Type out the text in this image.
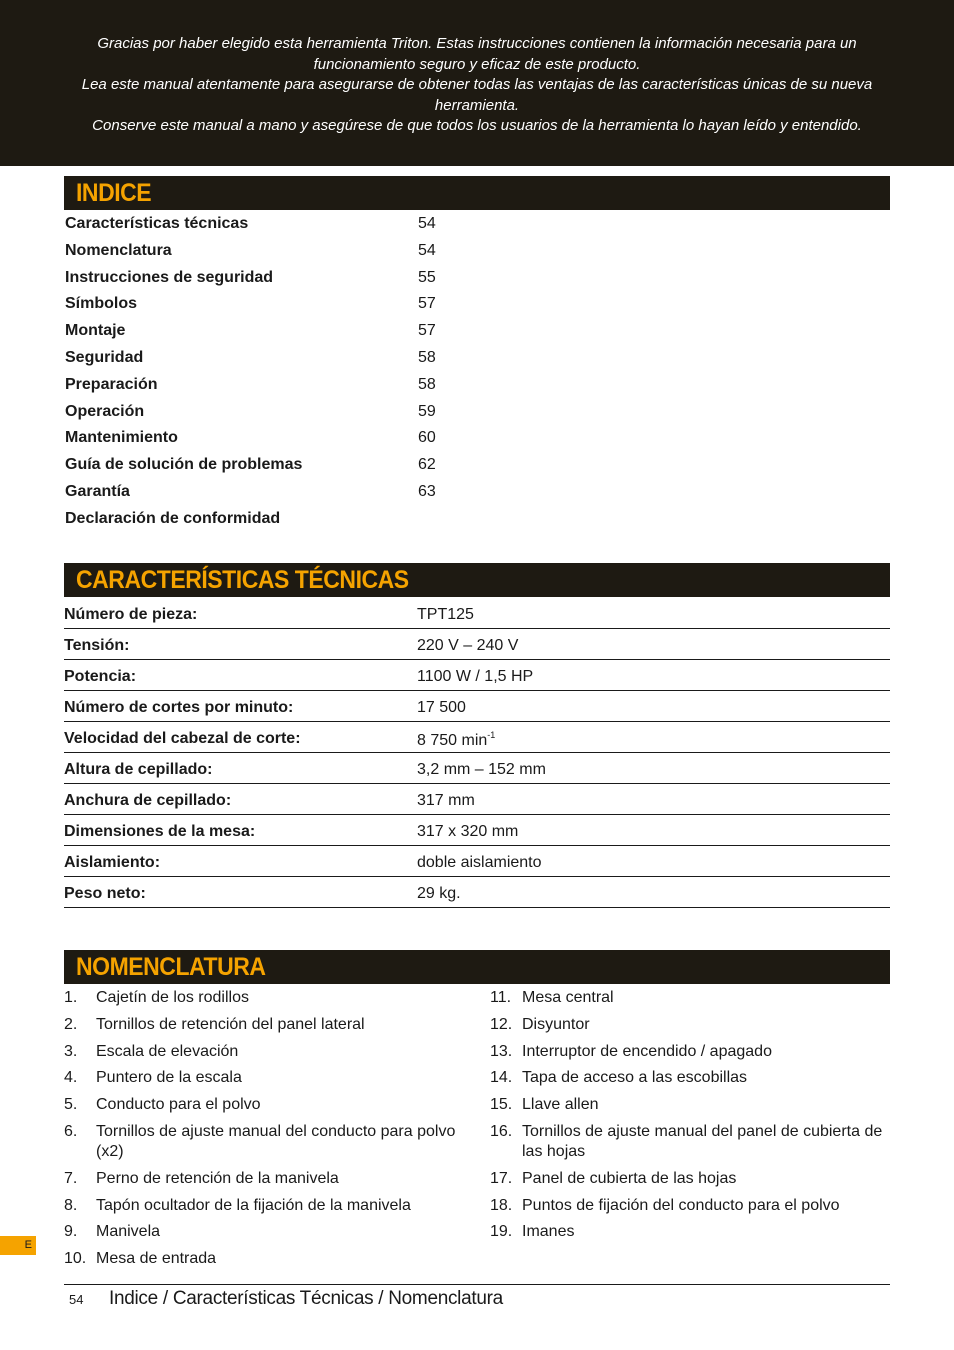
Gracias por haber elegido esta herramienta Triton. Estas instrucciones contienen la información necesaria para un funcionamiento seguro y eficaz de este producto.

Lea este manual atentamente para asegurarse de obtener todas las ventajas de las características únicas de su nueva herramienta.

Conserve este manual a mano y asegúrese de que todos los usuarios de la herramienta lo hayan leído y entendido.

INDICE
Características técnicas	54
Nomenclatura	54
Instrucciones de seguridad	55
Símbolos	57
Montaje	57
Seguridad	58
Preparación	58
Operación	59
Mantenimiento	60
Guía de solución de problemas	62
Garantía	63
Declaración de conformidad
CARACTERÍSTICAS TÉCNICAS
Número de pieza:	TPT125
Tensión:	220 V – 240 V
Potencia:	1100 W / 1,5 HP
Número de cortes por minuto:	17 500
Velocidad del cabezal de corte:	8 750 $\min^{-1}$
Altura de cepillado:	3,2 mm – 152 mm
Anchura de cepillado:	317 mm
Dimensiones de la mesa:	317 x 320 mm
Aislamiento:	doble aislamiento
Peso neto:	29 kg.
NOMENCLATURA
1.	Cajetín de los rodillos
2.	Tornillos de retención del panel lateral
3.	Escala de elevación
4.	Puntero de la escala
5.	Conducto para el polvo
6.	Tornillos de ajuste manual del conducto para polvo (x2)
7.	Perno de retención de la manivela
8.	Tapón ocultador de la fijación de la manivela
9.	Manivela
10. Mesa de entrada
11. Mesa central
12. Disyuntor
13. Interruptor de encendido / apagado
14. Tapa de acceso a las escobillas
15. Llave allen
16. Tornillos de ajuste manual del panel de cubierta de las hojas
17. Panel de cubierta de las hojas
18. Puntos de fijación del conducto para el polvo
19. Imanes
E
54 Indice / Características Técnicas / Nomenclatura
